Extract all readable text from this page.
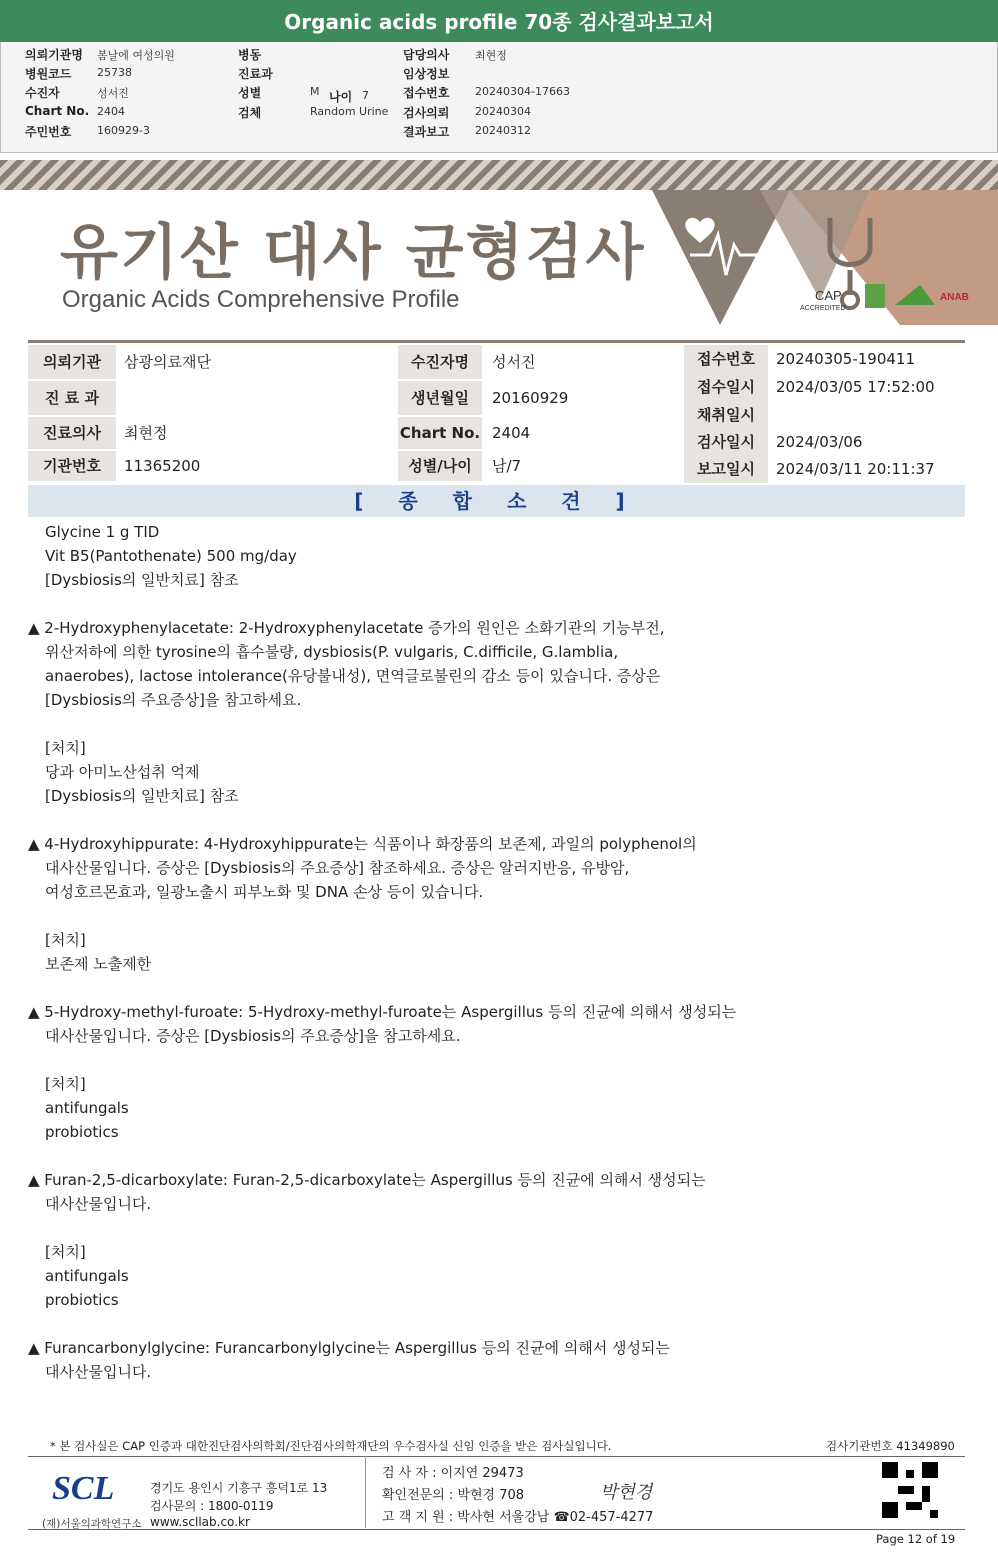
Organic acids profile 70종 검사결과보고서
의뢰기관명 봄날에 여성의원
병원코드 25738
수진자	성서진
Chart No. 2404
주민번호 160929-3
병동
진료과
성별	M
검체	Random Urine
나이 7
담당의사 최현정
임상정보
접수번호 20240304-17663
검사의뢰 20240304
결과보고 20240312
유기산 대사 균형검사
Organic Acids Comprehensive Profile	CAP
ACCREDITED
ANAB
의뢰기관	삼광의료재단
진 료 과
진료의사	최현정
기관번호	11365200
수진자명	성서진
생년월일	20160929
Chart No. 2404
성별/나이	남/7
접수번호	20240305-190411
접수일시	2024/03/05 17:52:00
채취일시
검사일시	2024/03/06
보고일시	2024/03/11 20:11:37
[ 종 합 소 견 ]
Glycine 1 g TID
Vit B5(Pantothenate) 500 mg/day
[Dysbiosis의 일반치료] 참조
▲ 2-Hydroxyphenylacetate: 2-Hydroxyphenylacetate 증가의 원인은 소화기관의 기능부전,
위산저하에 의한 tyrosine의 흡수불량, dysbiosis(P. vulgaris, C.difficile, G.lamblia,
anaerobes), lactose intolerance(유당불내성), 면역글로불린의 감소 등이 있습니다. 증상은
[Dysbiosis의 주요증상]을 참고하세요.
[처치]
당과 아미노산섭취 억제
[Dysbiosis의 일반치료] 참조
▲ 4-Hydroxyhippurate: 4-Hydroxyhippurate는 식품이나 화장품의 보존제, 과일의 polyphenol의
대사산물입니다. 증상은 [Dysbiosis의 주요증상] 참조하세요. 증상은 알러지반응, 유방암,
여성호르몬효과, 일광노출시 피부노화 및 DNA 손상 등이 있습니다.
[처치]
보존제 노출제한
▲ 5-Hydroxy-methyl-furoate: 5-Hydroxy-methyl-furoate는 Aspergillus 등의 진균에 의해서 생성되는
대사산물입니다. 증상은 [Dysbiosis의 주요증상]을 참고하세요.
[처치]
antifungals
probiotics
▲ Furan-2,5-dicarboxylate: Furan-2,5-dicarboxylate는 Aspergillus 등의 진균에 의해서 생성되는
대사산물입니다.
[처치]
antifungals
probiotics
▲ Furancarbonylglycine: Furancarbonylglycine는 Aspergillus 등의 진균에 의해서 생성되는
대사산물입니다.
* 본 검사실은 CAP 인증과 대한진단검사의학회/진단검사의학재단의 우수검사실 신임 인증을 받은 검사실입니다.	검사기관번호 41349890
SCL
(재)서울의과학연구소
경기도 용인시 기흥구 흥덕1로 13
검사문의 : 1800-0119
www.scllab.co.kr
검 사 자 : 이지연 29473
확인전문의 : 박현경 708
고 객 지 원 : 박사현 서울강남 ☎02-457-4277
박현경
Page 12 of 19
